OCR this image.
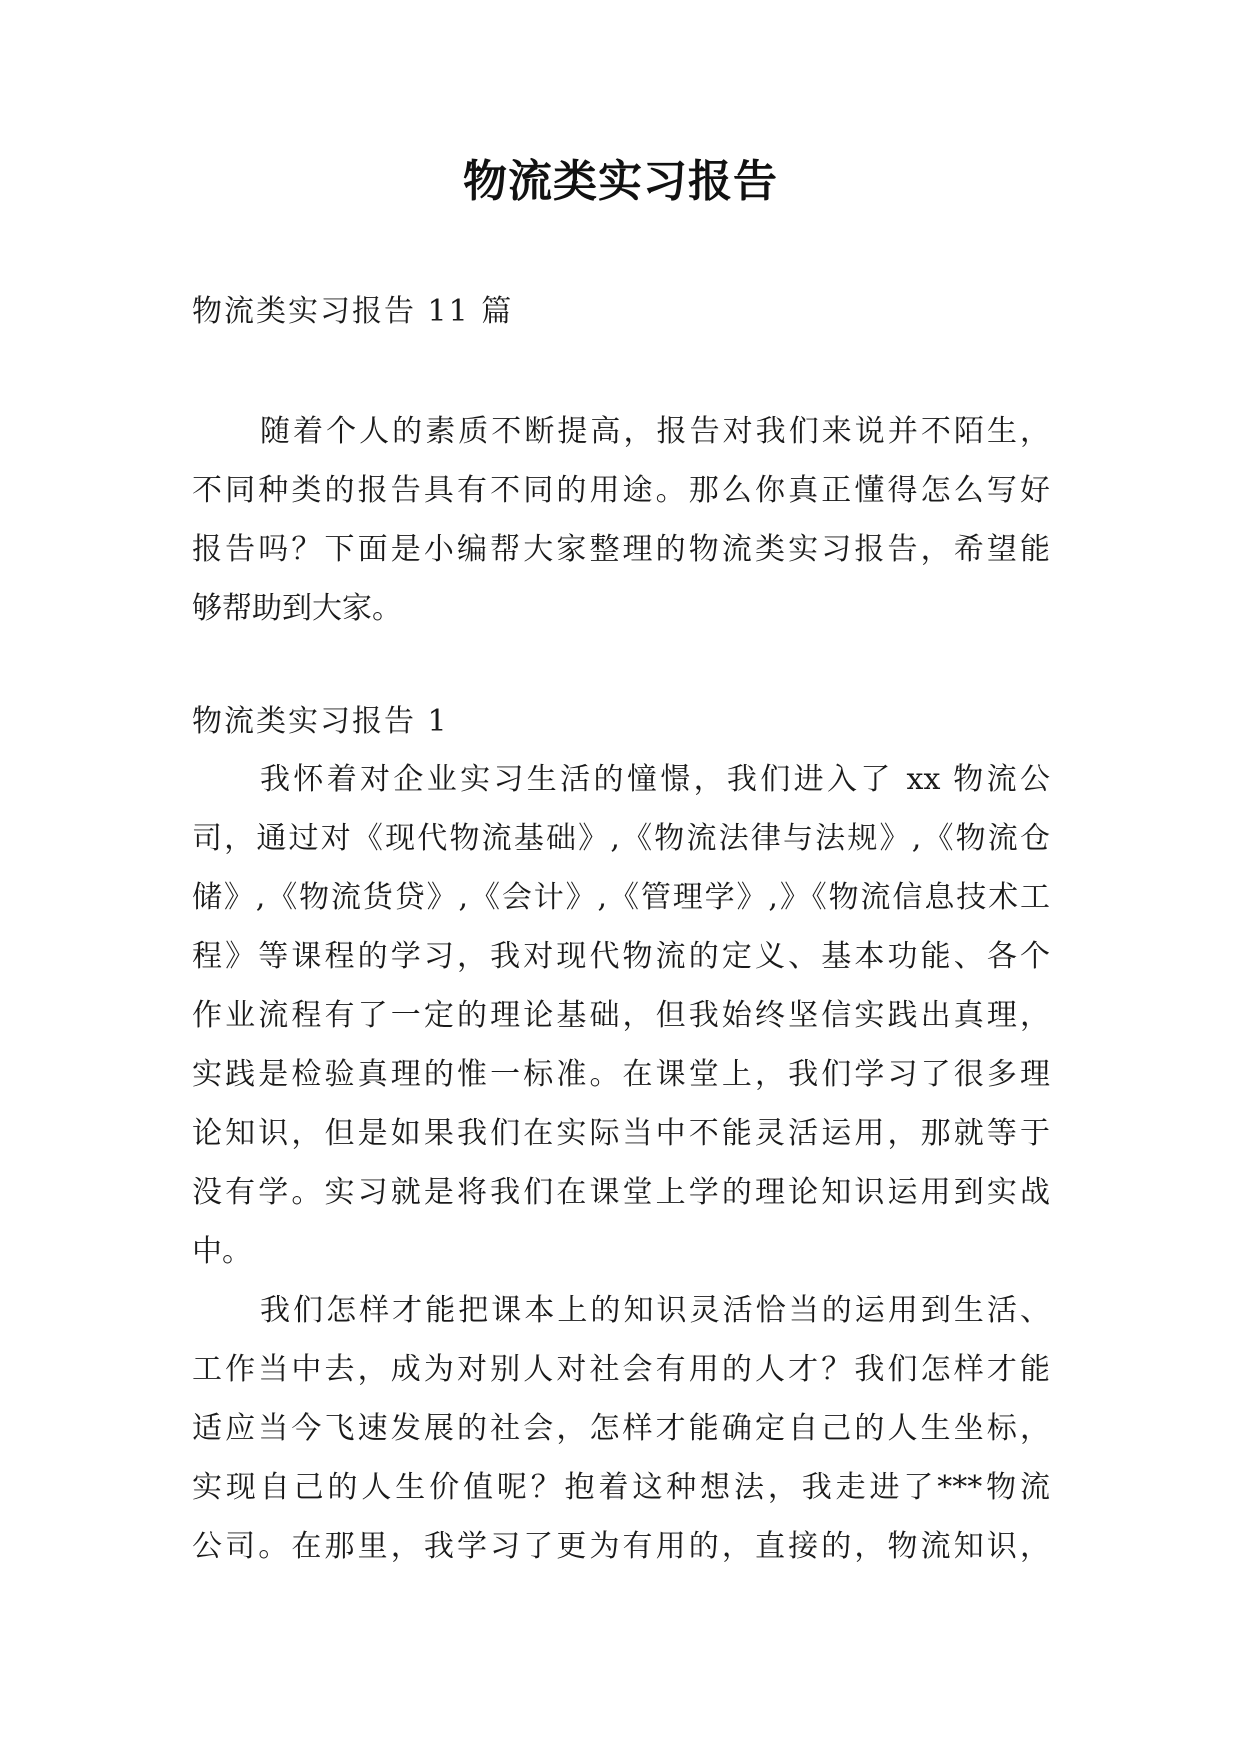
物流类实习报告
物流类实习报告 11 篇
随着个人的素质不断提高，报告对我们来说并不陌生，
不同种类的报告具有不同的用途。那么你真正懂得怎么写好
报告吗？下面是小编帮大家整理的物流类实习报告，希望能
够帮助到大家。
物流类实习报告 1
我怀着对企业实习生活的憧憬，我们进入了 xx 物流公
司，通过对《现代物流基础》,《物流法律与法规》,《物流仓
储》,《物流货贷》,《会计》,《管理学》,》《物流信息技术工
程》等课程的学习，我对现代物流的定义、基本功能、各个
作业流程有了一定的理论基础，但我始终坚信实践出真理，
实践是检验真理的惟一标准。在课堂上，我们学习了很多理
论知识，但是如果我们在实际当中不能灵活运用，那就等于
没有学。实习就是将我们在课堂上学的理论知识运用到实战
中。
我们怎样才能把课本上的知识灵活恰当的运用到生活、
工作当中去，成为对别人对社会有用的人才？我们怎样才能
适应当今飞速发展的社会，怎样才能确定自己的人生坐标，
实现自己的人生价值呢？抱着这种想法，我走进了***物流
公司。在那里，我学习了更为有用的，直接的，物流知识，
